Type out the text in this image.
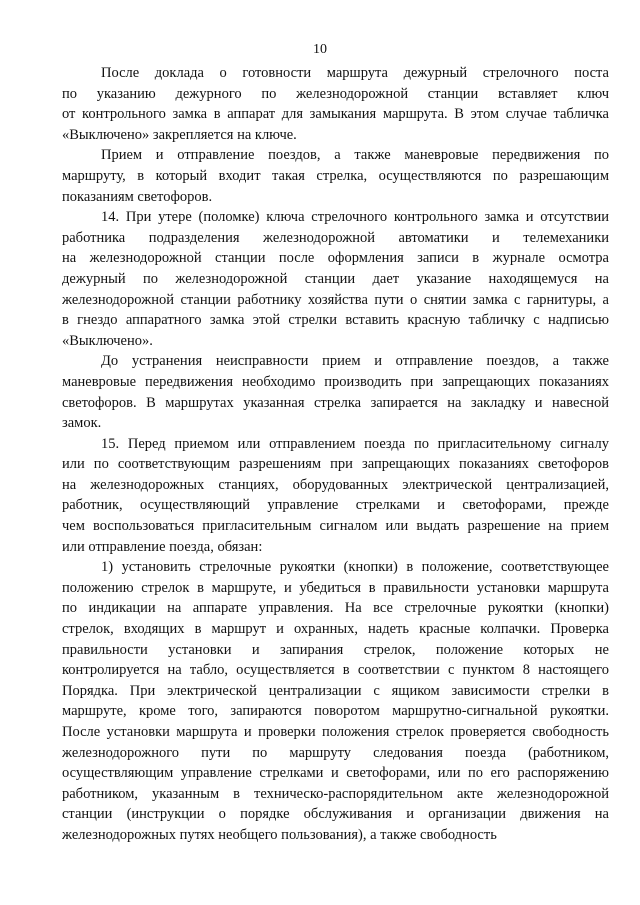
10
После доклада о готовности маршрута дежурный стрелочного поста
по указанию дежурного по железнодорожной станции вставляет ключ
от контрольного замка в аппарат для замыкания маршрута. В этом случае табличка
«Выключено» закрепляется на ключе.
Прием и отправление поездов, а также маневровые передвижения по
маршруту, в который входит такая стрелка, осуществляются по разрешающим
показаниям светофоров.
14. При утере (поломке) ключа стрелочного контрольного замка и отсутствии
работника подразделения железнодорожной автоматики и телемеханики
на железнодорожной станции после оформления записи в журнале осмотра
дежурный по железнодорожной станции дает указание находящемуся на
железнодорожной станции работнику хозяйства пути о снятии замка с гарнитуры, а
в гнездо аппаратного замка этой стрелки вставить красную табличку с надписью
«Выключено».
До устранения неисправности прием и отправление поездов, а также
маневровые передвижения необходимо производить при запрещающих показаниях
светофоров. В маршрутах указанная стрелка запирается на закладку и навесной
замок.
15. Перед приемом или отправлением поезда по пригласительному сигналу
или по соответствующим разрешениям при запрещающих показаниях светофоров
на железнодорожных станциях, оборудованных электрической централизацией,
работник, осуществляющий управление стрелками и светофорами, прежде
чем воспользоваться пригласительным сигналом или выдать разрешение на прием
или отправление поезда, обязан:
1) установить стрелочные рукоятки (кнопки) в положение, соответствующее
положению стрелок в маршруте, и убедиться в правильности установки маршрута
по индикации на аппарате управления. На все стрелочные рукоятки (кнопки)
стрелок, входящих в маршрут и охранных, надеть красные колпачки. Проверка
правильности установки и запирания стрелок, положение которых не
контролируется на табло, осуществляется в соответствии с пунктом 8 настоящего
Порядка. При электрической централизации с ящиком зависимости стрелки в
маршруте, кроме того, запираются поворотом маршрутно-сигнальной рукоятки.
После установки маршрута и проверки положения стрелок проверяется свободность
железнодорожного пути по маршруту следования поезда (работником,
осуществляющим управление стрелками и светофорами, или по его распоряжению
работником, указанным в техническо-распорядительном акте железнодорожной
станции (инструкции о порядке обслуживания и организации движения на
железнодорожных путях необщего пользования), а также свободность
